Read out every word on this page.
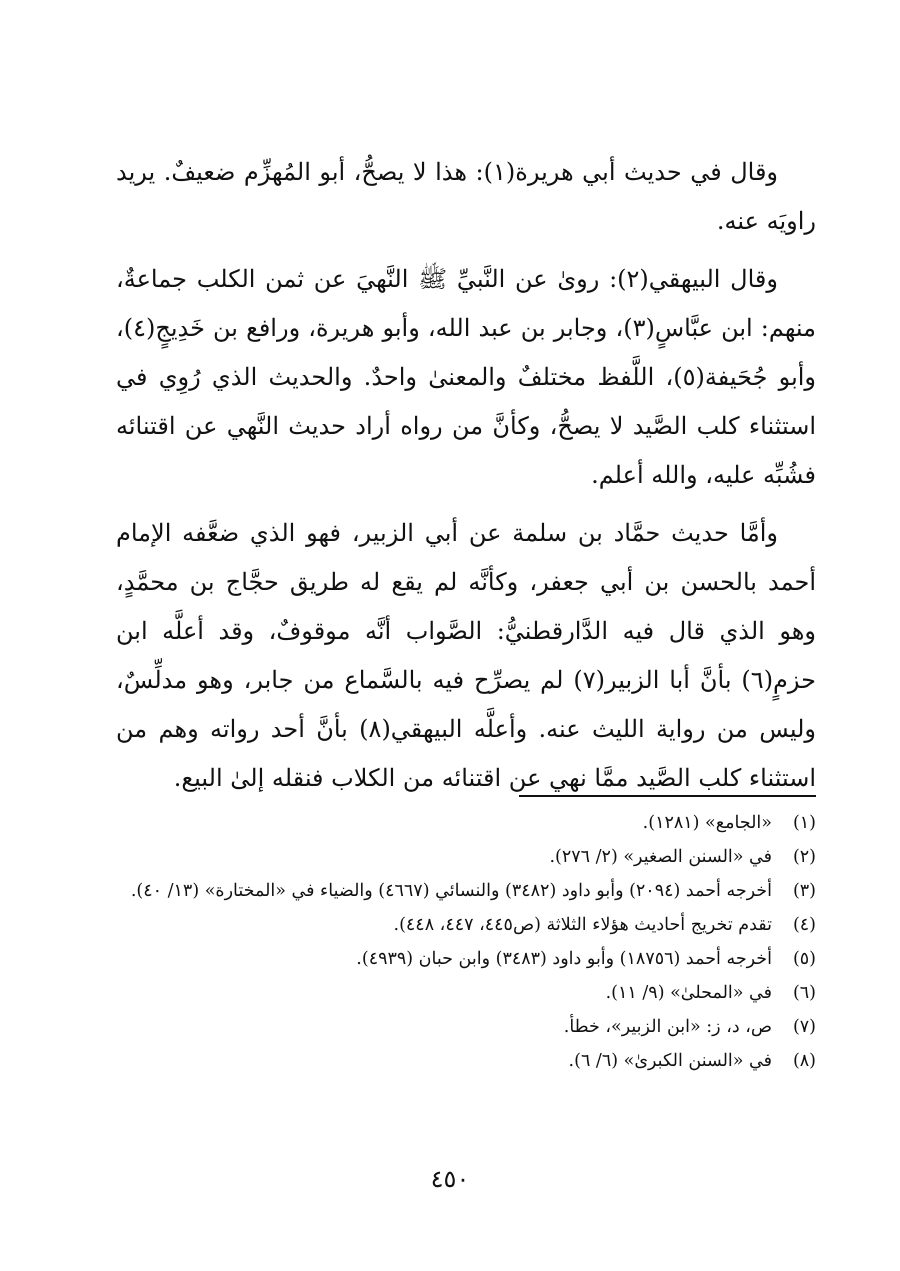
وقال في حديث أبي هريرة(١): هذا لا يصحُّ، أبو المُهزِّم ضعيفٌ. يريد راويَه عنه.

وقال البيهقي(٢): روىٰ عن النَّبيِّ ﷺ النَّهيَ عن ثمن الكلب جماعةٌ، منهم: ابن عبَّاسٍ(٣)، وجابر بن عبد الله، وأبو هريرة، ورافع بن خَدِيجٍ(٤)، وأبو جُحَيفة(٥)، اللَّفظ مختلفٌ والمعنىٰ واحدٌ. والحديث الذي رُوِي في استثناء كلب الصَّيد لا يصحُّ، وكأنَّ من رواه أراد حديث النَّهي عن اقتنائه فشُبِّه عليه، والله أعلم.

وأمَّا حديث حمَّاد بن سلمة عن أبي الزبير، فهو الذي ضعَّفه الإمام أحمد بالحسن بن أبي جعفر، وكأنَّه لم يقع له طريق حجَّاج بن محمَّدٍ، وهو الذي قال فيه الدَّارقطنيُّ: الصَّواب أنَّه موقوفٌ، وقد أعلَّه ابن حزمٍ(٦) بأنَّ أبا الزبير(٧) لم يصرِّح فيه بالسَّماع من جابر، وهو مدلِّسٌ، وليس من رواية الليث عنه. وأعلَّه البيهقي(٨) بأنَّ أحد رواته وهم من استثناء كلب الصَّيد ممَّا نهي عن اقتنائه من الكلاب فنقله إلىٰ البيع.

(١)
«الجامع» (١٢٨١).
(٢)
في «السنن الصغير» (٢/ ٢٧٦).
(٣)
أخرجه أحمد (٢٠٩٤) وأبو داود (٣٤٨٢) والنسائي (٤٦٦٧) والضياء في «المختارة» (١٣/ ٤٠).
(٤)
تقدم تخريج أحاديث هؤلاء الثلاثة (ص٤٤٥، ٤٤٧، ٤٤٨).
(٥)
أخرجه أحمد (١٨٧٥٦) وأبو داود (٣٤٨٣) وابن حبان (٤٩٣٩).
(٦)
في «المحلىٰ» (٩/ ١١).
(٧)
ص، د، ز: «ابن الزبير»، خطأ.
(٨)
في «السنن الكبرىٰ» (٦/ ٦).
٤٥٠
